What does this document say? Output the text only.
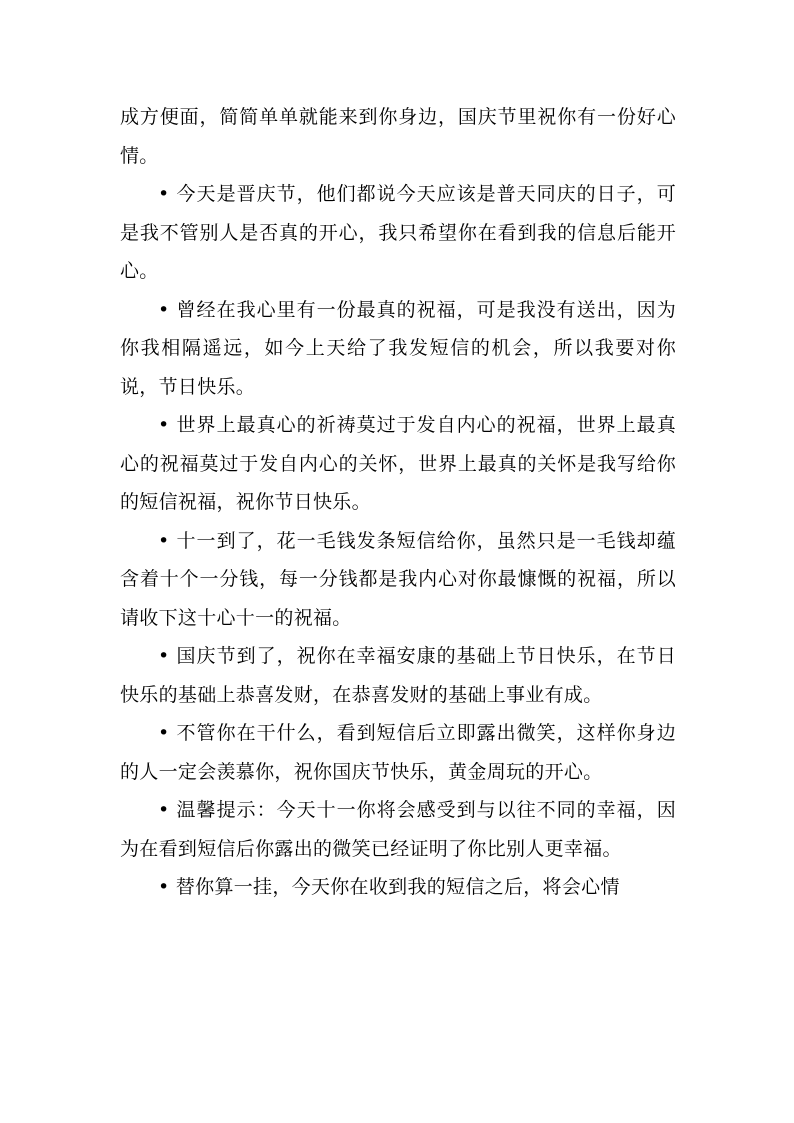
成方便面，简简单单就能来到你身边，国庆节里祝你有一份好心情。

• 今天是晋庆节，他们都说今天应该是普天同庆的日子，可是我不管别人是否真的开心，我只希望你在看到我的信息后能开心。

• 曾经在我心里有一份最真的祝福，可是我没有送出，因为你我相隔遥远，如今上天给了我发短信的机会，所以我要对你说，节日快乐。

• 世界上最真心的祈祷莫过于发自内心的祝福，世界上最真心的祝福莫过于发自内心的关怀，世界上最真的关怀是我写给你的短信祝福，祝你节日快乐。

• 十一到了，花一毛钱发条短信给你，虽然只是一毛钱却蕴含着十个一分钱，每一分钱都是我内心对你最慷慨的祝福，所以请收下这十心十一的祝福。

• 国庆节到了，祝你在幸福安康的基础上节日快乐，在节日快乐的基础上恭喜发财，在恭喜发财的基础上事业有成。

• 不管你在干什么，看到短信后立即露出微笑，这样你身边的人一定会羡慕你，祝你国庆节快乐，黄金周玩的开心。

• 温馨提示：今天十一你将会感受到与以往不同的幸福，因为在看到短信后你露出的微笑已经证明了你比别人更幸福。

• 替你算一挂，今天你在收到我的短信之后，将会心情
